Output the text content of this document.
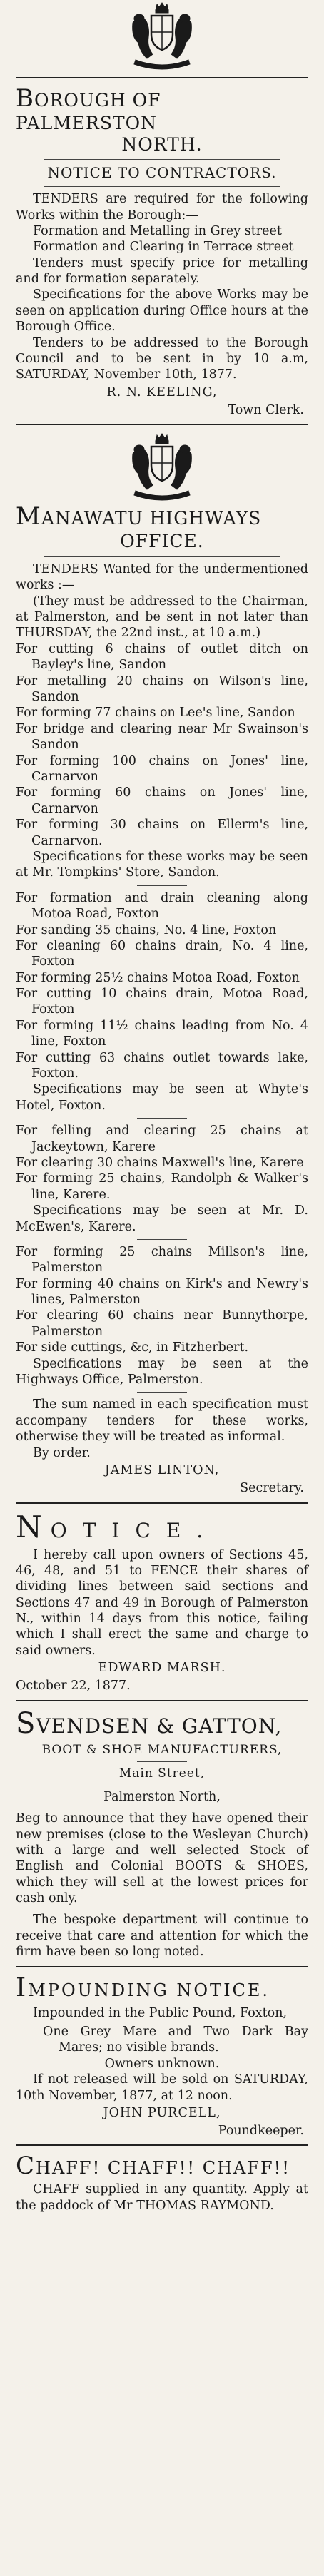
BOROUGH OF PALMERSTON
NORTH.
NOTICE TO CONTRACTORS.

TENDERS are required for the following Works within the Borough:—

Formation and Metalling in Grey street

Formation and Clearing in Terrace street

Tenders must specify price for metalling and for formation separately.

Specifications for the above Works may be seen on application during Office hours at the Borough Office.

Tenders to be addressed to the Borough Council and to be sent in by 10 a.m, SATURDAY, November 10th, 1877.

R. N. KEELING,
Town Clerk.
MANAWATU HIGHWAYS
OFFICE.

TENDERS Wanted for the undermentioned works :—

(They must be addressed to the Chairman, at Palmerston, and be sent in not later than THURSDAY, the 22nd inst., at 10 a.m.)

For cutting 6 chains of outlet ditch on Bayley's line, Sandon

For metalling 20 chains on Wilson's line, Sandon

For forming 77 chains on Lee's line, Sandon

For bridge and clearing near Mr Swainson's Sandon

For forming 100 chains on Jones' line, Carnarvon

For forming 60 chains on Jones' line, Carnarvon

For forming 30 chains on Ellerm's line, Carnarvon.

Specifications for these works may be seen at Mr. Tompkins' Store, Sandon.

For formation and drain cleaning along Motoa Road, Foxton

For sanding 35 chains, No. 4 line, Foxton

For cleaning 60 chains drain, No. 4 line, Foxton

For forming 25½ chains Motoa Road, Foxton

For cutting 10 chains drain, Motoa Road, Foxton

For forming 11½ chains leading from No. 4 line, Foxton

For cutting 63 chains outlet towards lake, Foxton.

Specifications may be seen at Whyte's Hotel, Foxton.

For felling and clearing 25 chains at Jackeytown, Karere

For clearing 30 chains Maxwell's line, Karere

For forming 25 chains, Randolph & Walker's line, Karere.

Specifications may be seen at Mr. D. McEwen's, Karere.

For forming 25 chains Millson's line, Palmerston

For forming 40 chains on Kirk's and Newry's lines, Palmerston

For clearing 60 chains near Bunnythorpe, Palmerston

For side cuttings, &c, in Fitzherbert.

Specifications may be seen at the Highways Office, Palmerston.

The sum named in each specification must accompany tenders for these works, otherwise they will be treated as informal.

By order.

JAMES LINTON,
Secretary.
NOTICE.

I hereby call upon owners of Sections 45, 46, 48, and 51 to FENCE their shares of dividing lines between said sections and Sections 47 and 49 in Borough of Palmerston N., within 14 days from this notice, failing which I shall erect the same and charge to said owners.

EDWARD MARSH.
October 22, 1877.
SVENDSEN & GATTON,
BOOT & SHOE MANUFACTURERS,
Main Street,
Palmerston North,

Beg to announce that they have opened their new premises (close to the Wesleyan Church) with a large and well selected Stock of English and Colonial BOOTS & SHOES, which they will sell at the lowest prices for cash only.

The bespoke department will continue to receive that care and attention for which the firm have been so long noted.

IMPOUNDING NOTICE.

Impounded in the Public Pound, Foxton,

One Grey Mare and Two Dark Bay Mares; no visible brands.

Owners unknown.

If not released will be sold on SATURDAY, 10th November, 1877, at 12 noon.

JOHN PURCELL,
Poundkeeper.
CHAFF! CHAFF!! CHAFF!!

CHAFF supplied in any quantity. Apply at the paddock of Mr THOMAS RAYMOND.
